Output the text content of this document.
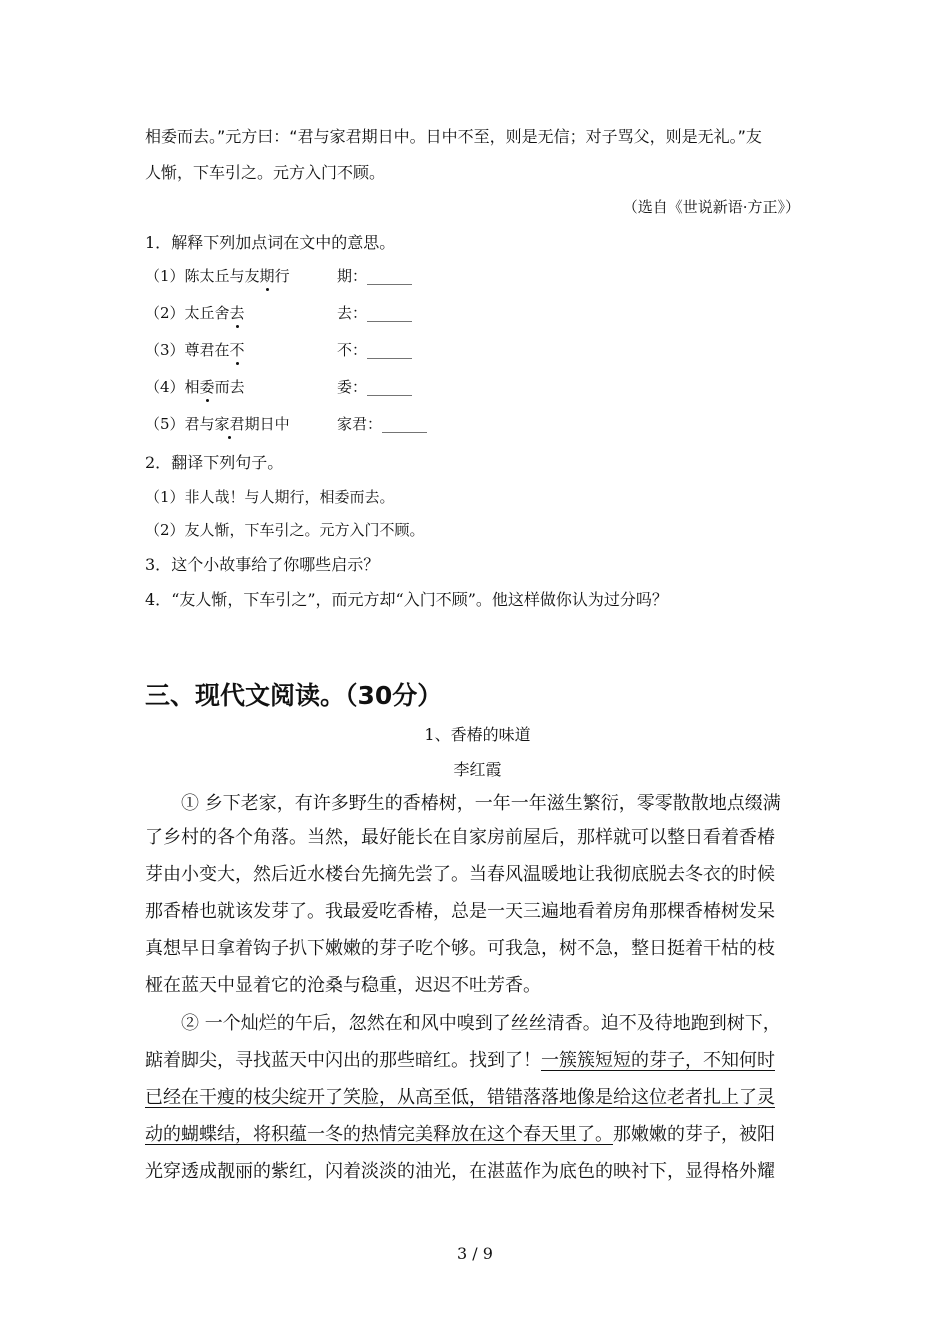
相委而去。”元方曰：“君与家君期日中。日中不至，则是无信；对子骂父，则是无礼。”友
人惭，下车引之。元方入门不顾。
（选自《世说新语·方正》）
1．解释下列加点词在文中的意思。
（1）陈太丘与友期行	期：______
（2）太丘舍去	去：______
（3）尊君在不	不：______
（4）相委而去	委：______
（5）君与家君期日中	家君：______
2．翻译下列句子。
（1）非人哉！与人期行，相委而去。
（2）友人惭，下车引之。元方入门不顾。
3．这个小故事给了你哪些启示？
4．“友人惭，下车引之”，而元方却“入门不顾”。他这样做你认为过分吗？
三、现代文阅读。（30分）
1、香椿的味道
李红霞
　　① 乡下老家，有许多野生的香椿树，一年一年滋生繁衍，零零散散地点缀满
了乡村的各个角落。当然，最好能长在自家房前屋后，那样就可以整日看着香椿
芽由小变大，然后近水楼台先摘先尝了。当春风温暖地让我彻底脱去冬衣的时候
那香椿也就该发芽了。我最爱吃香椿，总是一天三遍地看着房角那棵香椿树发呆
真想早日拿着钩子扒下嫩嫩的芽子吃个够。可我急，树不急，整日挺着干枯的枝
桠在蓝天中显着它的沧桑与稳重，迟迟不吐芳香。
　　② 一个灿烂的午后，忽然在和风中嗅到了丝丝清香。迫不及待地跑到树下，
踮着脚尖，寻找蓝天中闪出的那些暗红。找到了！一簇簇短短的芽子，不知何时
已经在干瘦的枝尖绽开了笑脸，从高至低，错错落落地像是给这位老者扎上了灵
动的蝴蝶结，将积蕴一冬的热情完美释放在这个春天里了。那嫩嫩的芽子，被阳
光穿透成靓丽的紫红，闪着淡淡的油光，在湛蓝作为底色的映衬下，显得格外耀
3 / 9
